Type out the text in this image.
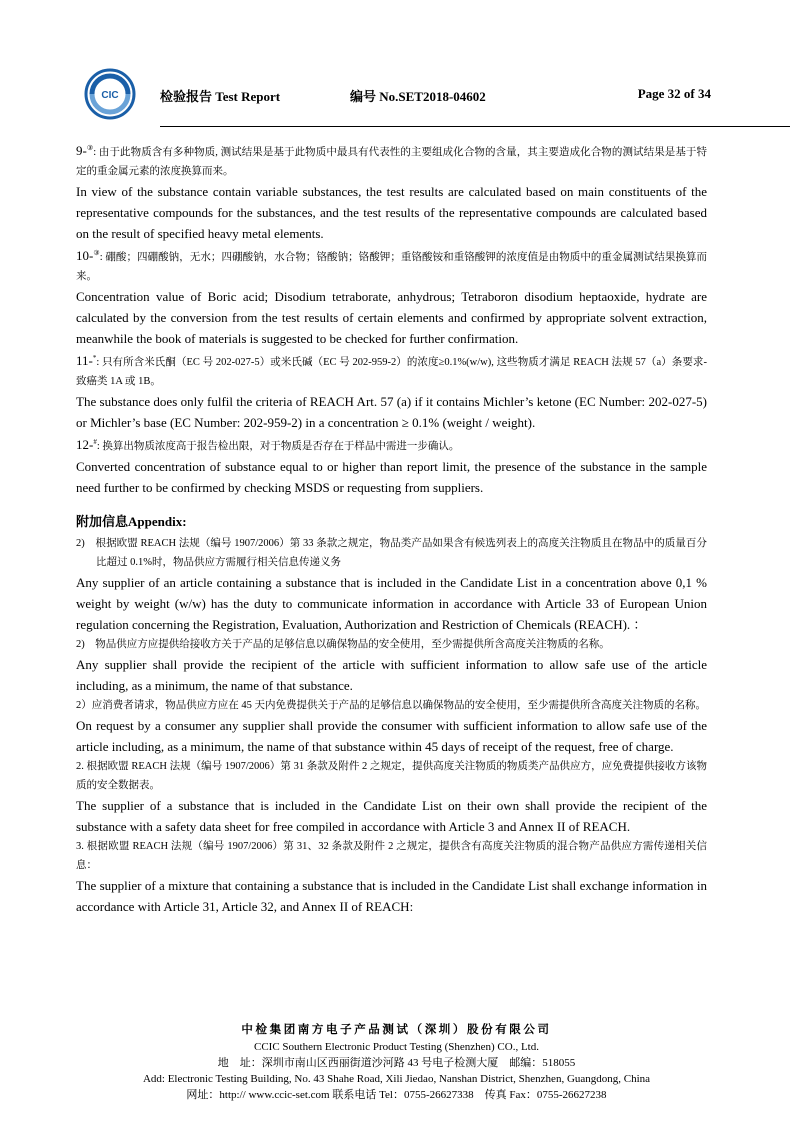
CIC	检验报告 Test Report	编号 No.SET2018-04602	Page 32 of 34

9-③: 由于此物质含有多种物质, 测试结果是基于此物质中最具有代表性的主要组成化合物的含量，其主要造成化合物的测试结果是基于特定的重金属元素的浓度换算而来。

In view of the substance contain variable substances, the test results are calculated based on main constituents of the representative compounds for the substances, and the test results of the representative compounds are calculated based on the result of specified heavy metal elements.

10-③: 硼酸；四硼酸钠，无水；四硼酸钠，水合物；铬酸钠；铬酸钾；重铬酸铵和重铬酸钾的浓度值是由物质中的重金属测试结果换算而来。

Concentration value of Boric acid; Disodium tetraborate, anhydrous; Tetraboron disodium heptaoxide, hydrate are calculated by the conversion from the test results of certain elements and confirmed by appropriate solvent extraction, meanwhile the book of materials is suggested to be checked for further confirmation.

11-*: 只有所含米氏酮（EC 号 202-027-5）或米氏碱（EC 号 202-959-2）的浓度≥0.1%(w/w), 这些物质才满足 REACH 法规 57（a）条要求-致癌类 1A 或 1B。

The substance does only fulfil the criteria of REACH Art. 57 (a) if it contains Michler’s ketone (EC Number: 202-027-5) or Michler’s base (EC Number: 202-959-2) in a concentration ≥ 0.1% (weight / weight).

12-#: 换算出物质浓度高于报告检出限，对于物质是否存在于样品中需进一步确认。

Converted concentration of substance equal to or higher than report limit, the presence of the substance in the sample need further to be confirmed by checking MSDS or requesting from suppliers.

附加信息Appendix:

2)    根据欧盟 REACH 法规（编号 1907/2006）第 33 条款之规定，物品类产品如果含有候选列表上的高度关注物质且在物品中的质量百分比超过 0.1%时，物品供应方需履行相关信息传递义务

Any supplier of an article containing a substance that is included in the Candidate List in a concentration above 0,1 % weight by weight (w/w) has the duty to communicate information in accordance with Article 33 of European Union regulation concerning the Registration, Evaluation, Authorization and Restriction of Chemicals (REACH). ：

2)    物品供应方应提供给接收方关于产品的足够信息以确保物品的安全使用，至少需提供所含高度关注物质的名称。

Any supplier shall provide the recipient of the article with sufficient information to allow safe use of the article including, as a minimum, the name of that substance.

2）应消费者请求，物品供应方应在 45 天内免费提供关于产品的足够信息以确保物品的安全使用，至少需提供所含高度关注物质的名称。

On request by a consumer any supplier shall provide the consumer with sufficient information to allow safe use of the article including, as a minimum, the name of that substance within 45 days of receipt of the request, free of charge.

2. 根据欧盟 REACH 法规（编号 1907/2006）第 31 条款及附件 2 之规定，提供高度关注物质的物质类产品供应方，应免费提供接收方该物质的安全数据表。

The supplier of a substance that is included in the Candidate List on their own shall provide the recipient of the substance with a safety data sheet for free compiled in accordance with Article 3 and Annex II of REACH.

3. 根据欧盟 REACH 法规（编号 1907/2006）第 31、32 条款及附件 2 之规定，提供含有高度关注物质的混合物产品供应方需传递相关信息：

The supplier of a mixture that containing a substance that is included in the Candidate List shall exchange information in accordance with Article 31, Article 32, and Annex II of REACH:

中检集团南方电子产品测试（深圳）股份有限公司
CCIC Southern Electronic Product Testing (Shenzhen) CO., Ltd.
地　址：深圳市南山区西丽街道沙河路 43 号电子检测大厦　邮编：518055
Add: Electronic Testing Building, No. 43 Shahe Road, Xili Jiedao, Nanshan District, Shenzhen, Guangdong, China
网址：http:// www.ccic-set.com 联系电话 Tel：0755-26627338　传真 Fax：0755-26627238
